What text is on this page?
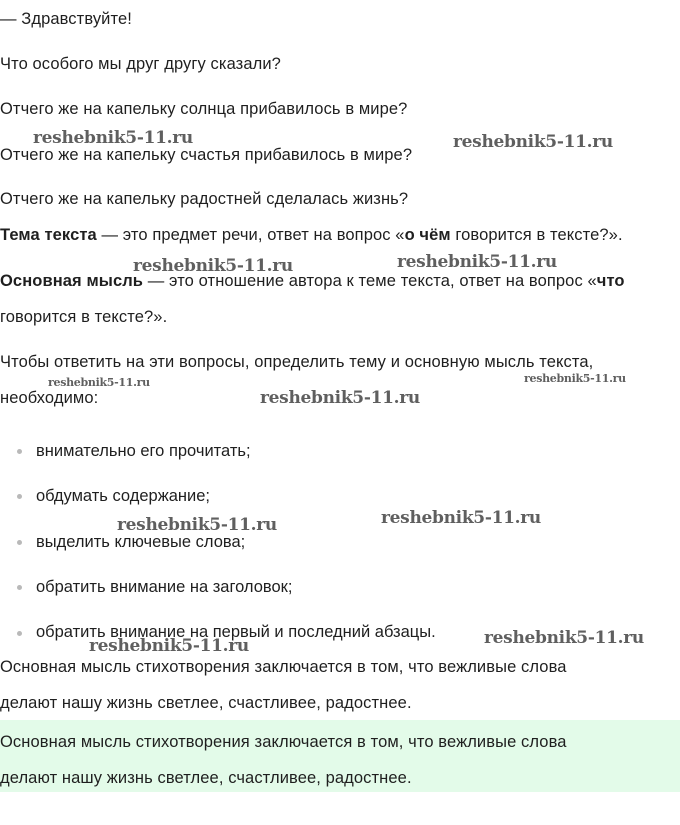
— Здравствуйте!
Что особого мы друг другу сказали?
Отчего же на капельку солнца прибавилось в мире?
Отчего же на капельку счастья прибавилось в мире?
Отчего же на капельку радостней сделалась жизнь?
Тема текста — это предмет речи, ответ на вопрос «о чём говорится в тексте?».
Основная мысль — это отношение автора к теме текста, ответ на вопрос «что
говорится в тексте?».
Чтобы ответить на эти вопросы, определить тему и основную мысль текста,
необходимо:
внимательно его прочитать;
обдумать содержание;
выделить ключевые слова;
обратить внимание на заголовок;
обратить внимание на первый и последний абзацы.
Основная мысль стихотворения заключается в том, что вежливые слова
делают нашу жизнь светлее, счастливее, радостнее.
Основная мысль стихотворения заключается в том, что вежливые слова
делают нашу жизнь светлее, счастливее, радостнее.
reshebnik5-11.ru	reshebnik5-11.ru
reshebnik5-11.ru	reshebnik5-11.ru
reshebnik5-11.ru	reshebnik5-11.ru
reshebnik5-11.ru
reshebnik5-11.ru	reshebnik5-11.ru
reshebnik5-11.ru	reshebnik5-11.ru
